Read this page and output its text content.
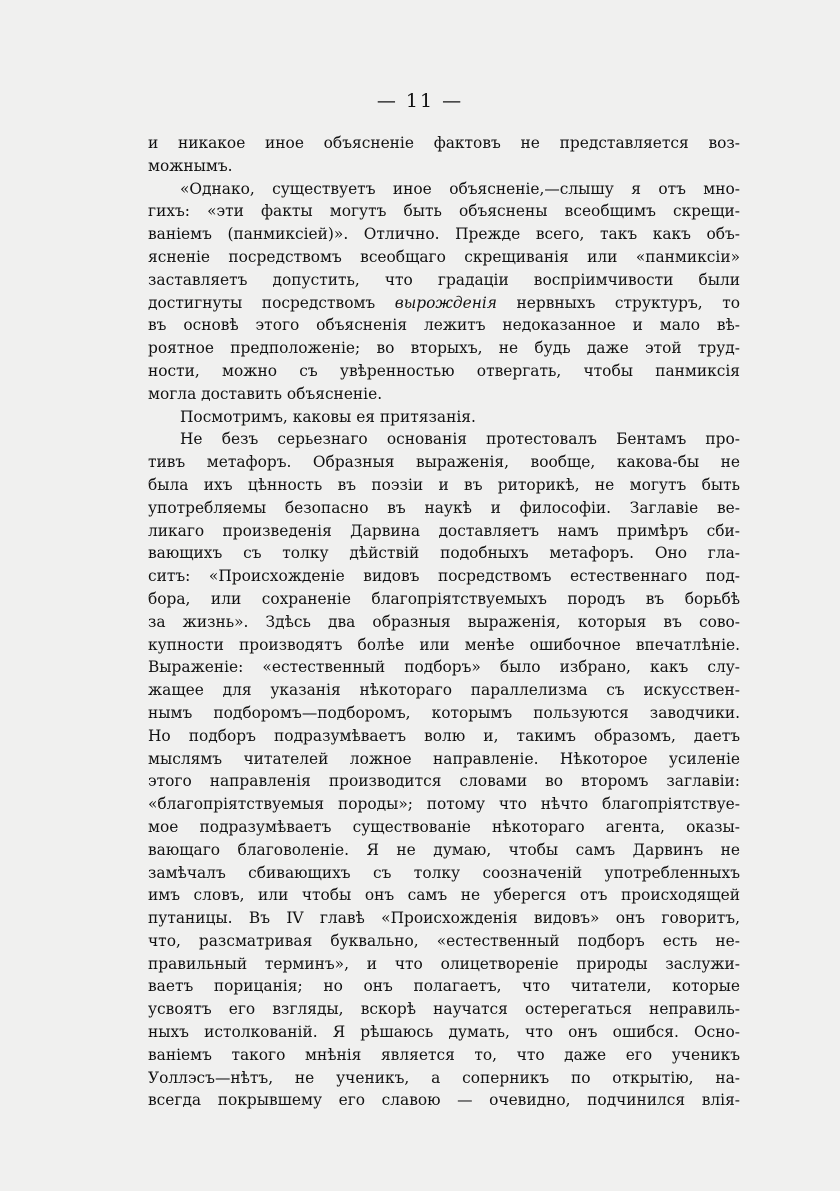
— 11 —
и никакое иное объясненіе фактовъ не представляется воз-
можнымъ.
«Однако, существуетъ иное объясненіе,—слышу я отъ мно-
гихъ: «эти факты могутъ быть объяснены всеобщимъ скрещи-
ваніемъ (панмиксіей)». Отлично. Прежде всего, такъ какъ объ-
ясненіе посредствомъ всеобщаго скрещиванія или «панмиксіи»
заставляетъ допустить, что градаціи воспріимчивости были
достигнуты посредствомъ вырожденія нервныхъ структуръ, то
въ основѣ этого объясненія лежитъ недоказанное и мало вѣ-
роятное предположеніе; во вторыхъ, не будь даже этой труд-
ности, можно съ увѣренностью отвергать, чтобы панмиксія
могла доставить объясненіе.
Посмотримъ, каковы ея притязанія.
Не безъ серьезнаго основанія протестовалъ Бентамъ про-
тивъ метафоръ. Образныя выраженія, вообще, какова-бы не
была ихъ цѣнность въ поэзіи и въ риторикѣ, не могутъ быть
употребляемы безопасно въ наукѣ и философіи. Заглавіе ве-
ликаго произведенія Дарвина доставляетъ намъ примѣръ сби-
вающихъ съ толку дѣйствій подобныхъ метафоръ. Оно гла-
ситъ: «Происхожденіе видовъ посредствомъ естественнаго под-
бора, или сохраненіе благопріятствуемыхъ породъ въ борьбѣ
за жизнь». Здѣсь два образныя выраженія, которыя въ сово-
купности производятъ болѣе или менѣе ошибочное впечатлѣніе.
Выраженіе: «естественный подборъ» было избрано, какъ слу-
жащее для указанія нѣкотораго параллелизма съ искусствен-
нымъ подборомъ—подборомъ, которымъ пользуются заводчики.
Но подборъ подразумѣваетъ волю и, такимъ образомъ, даетъ
мыслямъ читателей ложное направленіе. Нѣкоторое усиленіе
этого направленія производится словами во второмъ заглавіи:
«благопріятствуемыя породы»; потому что нѣчто благопріятствуе-
мое подразумѣваетъ существованіе нѣкотораго агента, оказы-
вающаго благоволеніе. Я не думаю, чтобы самъ Дарвинъ не
замѣчалъ сбивающихъ съ толку соозначеній употребленныхъ
имъ словъ, или чтобы онъ самъ не уберегся отъ происходящей
путаницы. Въ IV главѣ «Происхожденія видовъ» онъ говоритъ,
что, разсматривая буквально, «естественный подборъ есть не-
правильный терминъ», и что олицетвореніе природы заслужи-
ваетъ порицанія; но онъ полагаетъ, что читатели, которые
усвоятъ его взгляды, вскорѣ научатся остерегаться неправиль-
ныхъ истолкованій. Я рѣшаюсь думать, что онъ ошибся. Осно-
ваніемъ такого мнѣнія является то, что даже его ученикъ
Уоллэсъ—нѣтъ, не ученикъ, а соперникъ по открытію, на-
всегда покрывшему его славою — очевидно, подчинился влія-
